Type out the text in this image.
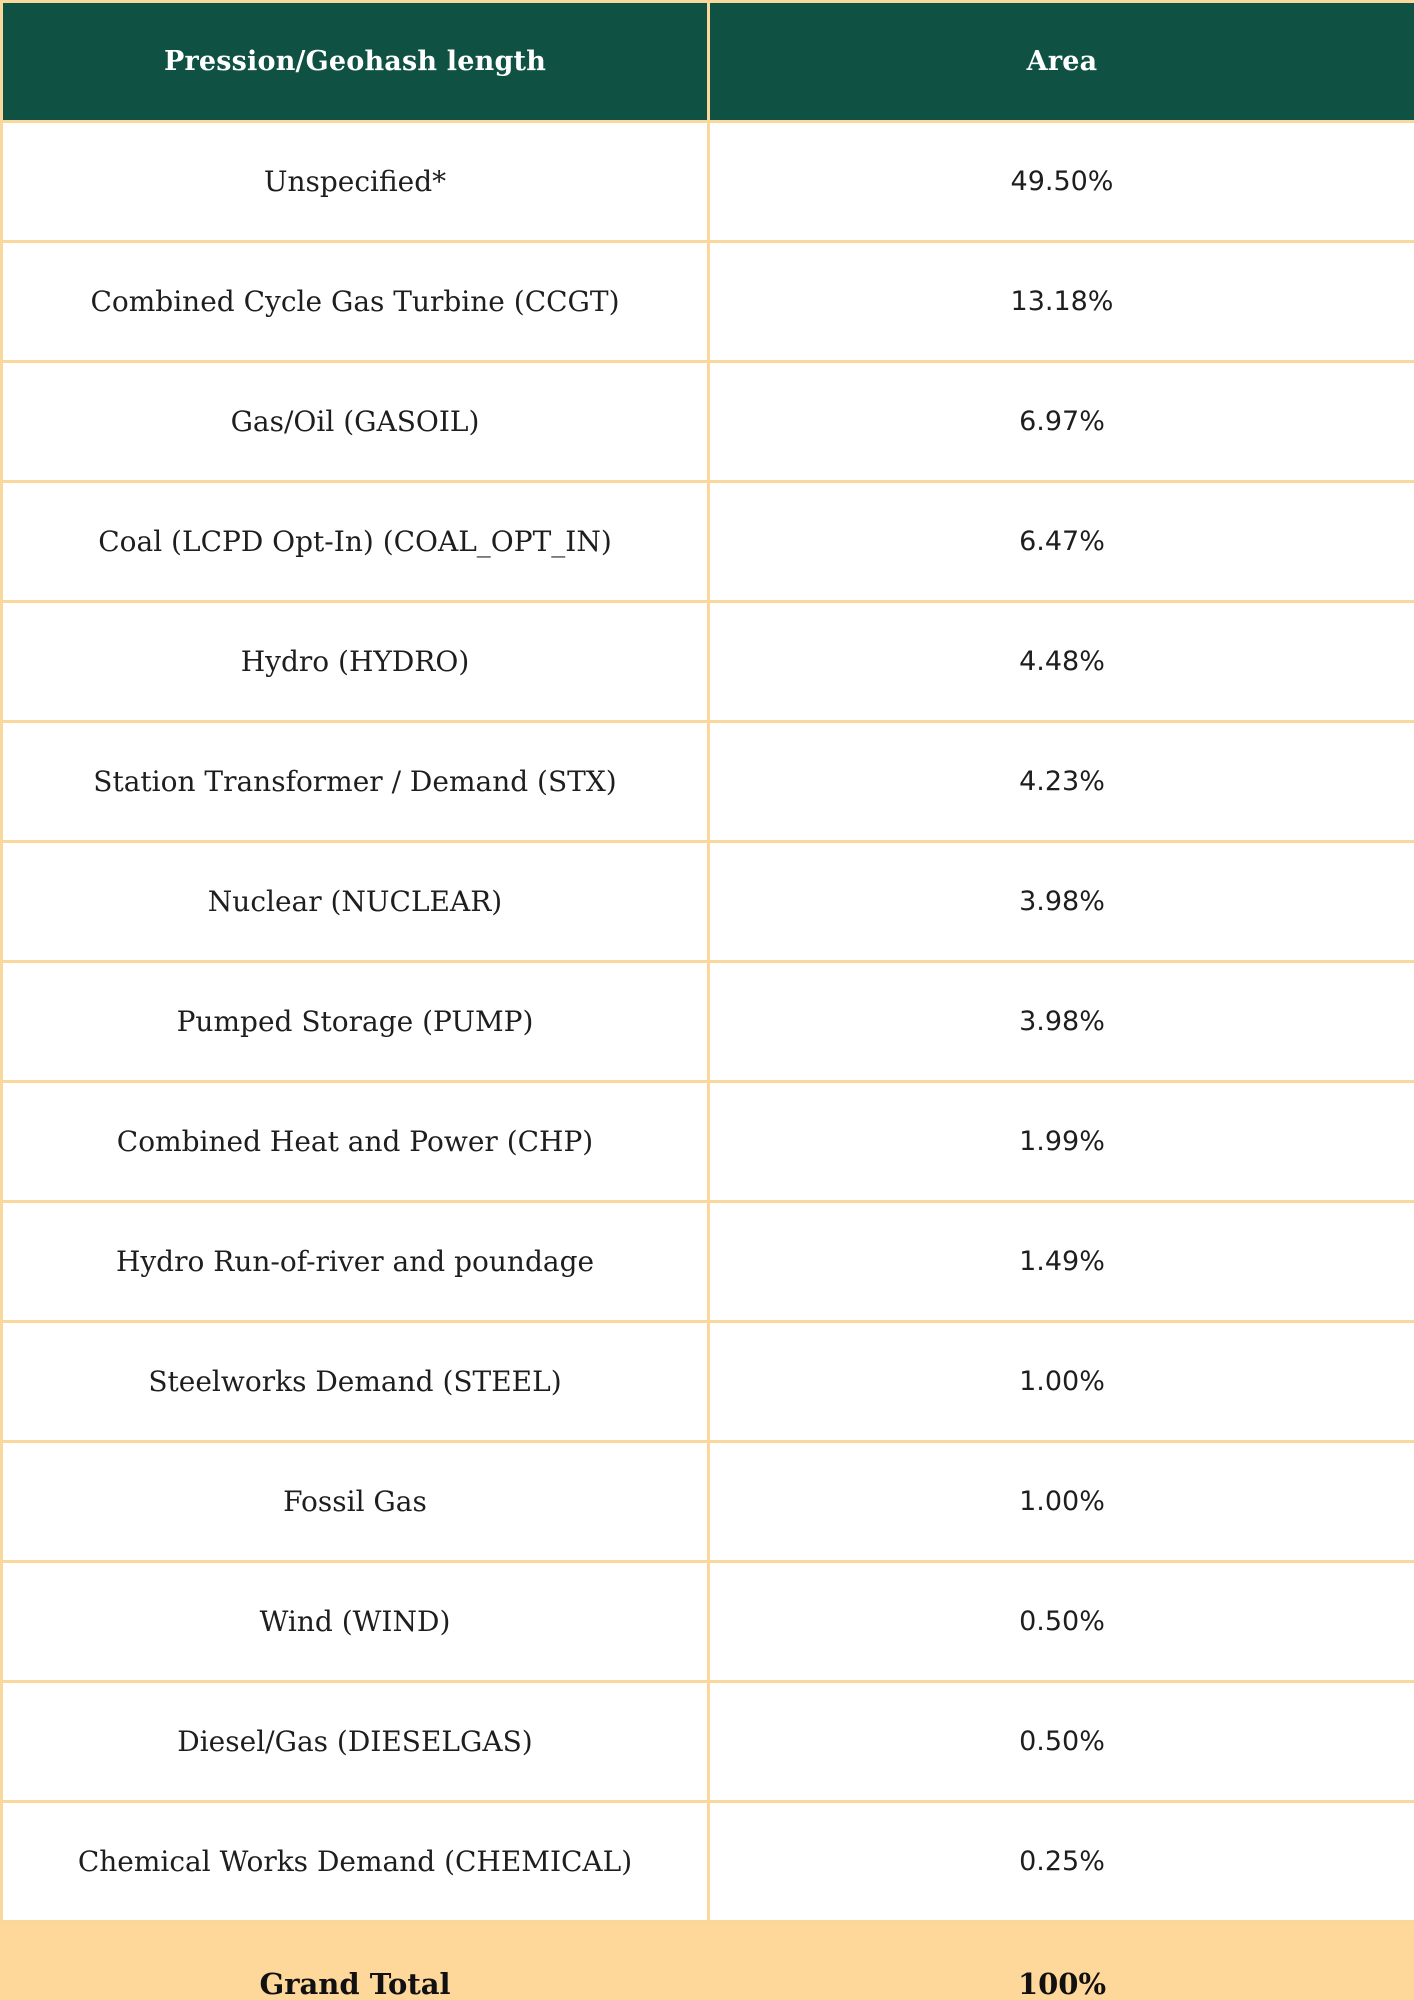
Pression/Geohash length	Area
Unspecified*	49.50%
Combined Cycle Gas Turbine (CCGT)	13.18%
Gas/Oil (GASOIL)	6.97%
Coal (LCPD Opt-In) (COAL_OPT_IN)	6.47%
Hydro (HYDRO)	4.48%
Station Transformer / Demand (STX)	4.23%
Nuclear (NUCLEAR)	3.98%
Pumped Storage (PUMP)	3.98%
Combined Heat and Power (CHP)	1.99%
Hydro Run-of-river and poundage	1.49%
Steelworks Demand (STEEL)	1.00%
Fossil Gas	1.00%
Wind (WIND)	0.50%
Diesel/Gas (DIESELGAS)	0.50%
Chemical Works Demand (CHEMICAL)	0.25%
Grand Total	100%
